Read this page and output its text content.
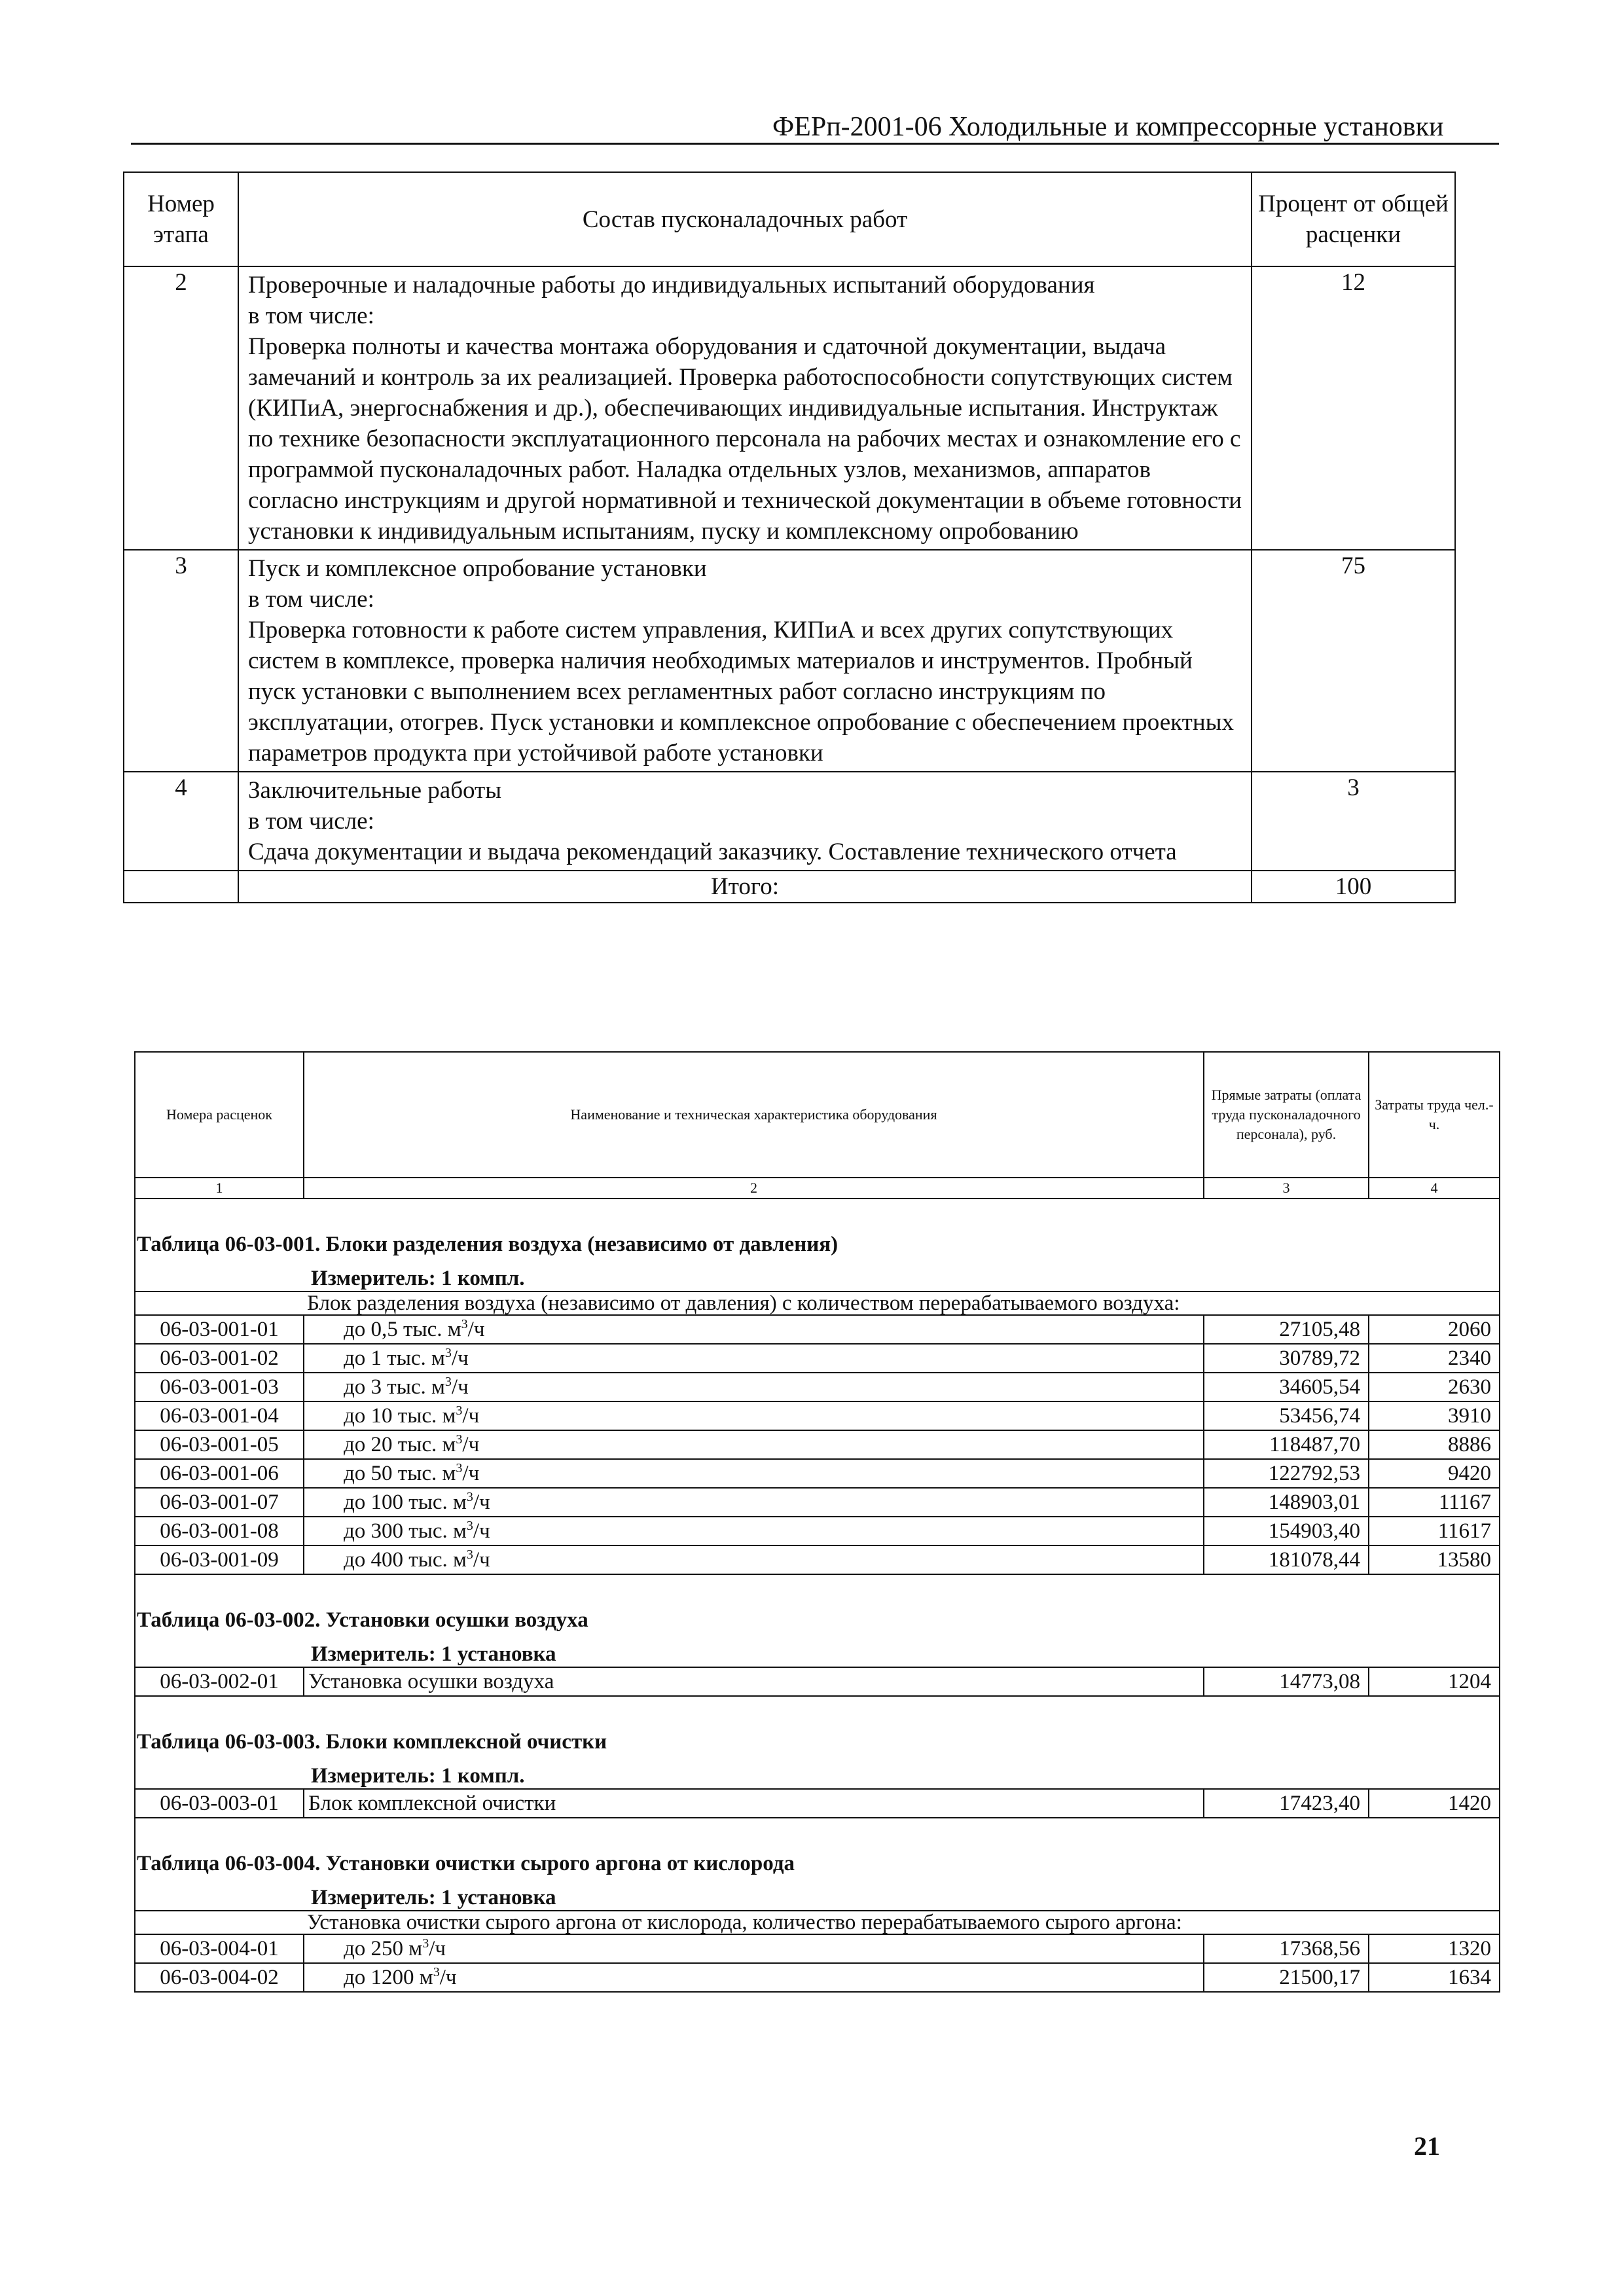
ФЕРп-2001-06 Холодильные и компрессорные установки
Номер этапа	Состав пусконаладочных работ	Процент от общей расценки
2	Проверочные и наладочные работы до индивидуальных испытаний оборудования

в том числе:

Проверка полноты и качества монтажа оборудования и сдаточной документации, выдача замечаний и контроль за их реализацией. Проверка работоспособности сопутствующих систем (КИПиА, энергоснабжения и др.), обеспечивающих индивидуальные испытания. Инструктаж по технике безопасности эксплуатационного персонала на рабочих местах и ознакомление его с программой пусконаладочных работ. Наладка отдельных узлов, механизмов, аппаратов согласно инструкциям и другой нормативной и технической документации в объеме готовности установки к индивидуальным испытаниям, пуску и комплексному опробованию	12
3	Пуск и комплексное опробование установки

в том числе:

Проверка готовности к работе систем управления, КИПиА и всех других сопутствующих систем в комплексе, проверка наличия необходимых материалов и инструментов. Пробный пуск установки с выполнением всех регламентных работ согласно инструкциям по эксплуатации, отогрев. Пуск установки и комплексное опробование с обеспечением проектных параметров продукта при устойчивой работе установки	75
4	Заключительные работы

в том числе:

Сдача документации и выдача рекомендаций заказчику. Составление технического отчета	3
	Итого:	100
Номера расценок	Наименование и техническая характеристика оборудования	Прямые затраты (оплата труда пусконаладочного персонала), руб.	Затраты труда чел.-ч.
1	2	3	4
Таблица 06-03-001. Блоки разделения воздуха (независимо от давления)			
Измеритель: 1 компл.			
Блок разделения воздуха (независимо от давления) с количеством перерабатываемого воздуха:			
06-03-001-01	до 0,5 тыс. $м^3/ч$	27105,48	2060
06-03-001-02	до 1 тыс. $м^3/ч$	30789,72	2340
06-03-001-03	до 3 тыс. $м^3/ч$	34605,54	2630
06-03-001-04	до 10 тыс. $м^3/ч$	53456,74	3910
06-03-001-05	до 20 тыс. $м^3/ч$	118487,70	8886
06-03-001-06	до 50 тыс. $м^3/ч$	122792,53	9420
06-03-001-07	до 100 тыс. $м^3/ч$	148903,01	11167
06-03-001-08	до 300 тыс. $м^3/ч$	154903,40	11617
06-03-001-09	до 400 тыс. $м^3/ч$	181078,44	13580
Таблица 06-03-002. Установки осушки воздуха			
Измеритель: 1 установка			
06-03-002-01	Установка осушки воздуха	14773,08	1204
Таблица 06-03-003. Блоки комплексной очистки			
Измеритель: 1 компл.			
06-03-003-01	Блок комплексной очистки	17423,40	1420
Таблица 06-03-004. Установки очистки сырого аргона от кислорода			
Измеритель: 1 установка			
Установка очистки сырого аргона от кислорода, количество перерабатываемого сырого аргона:			
06-03-004-01	до 250 $м^3/ч$	17368,56	1320
06-03-004-02	до 1200 $м^3/ч$	21500,17	1634
21
